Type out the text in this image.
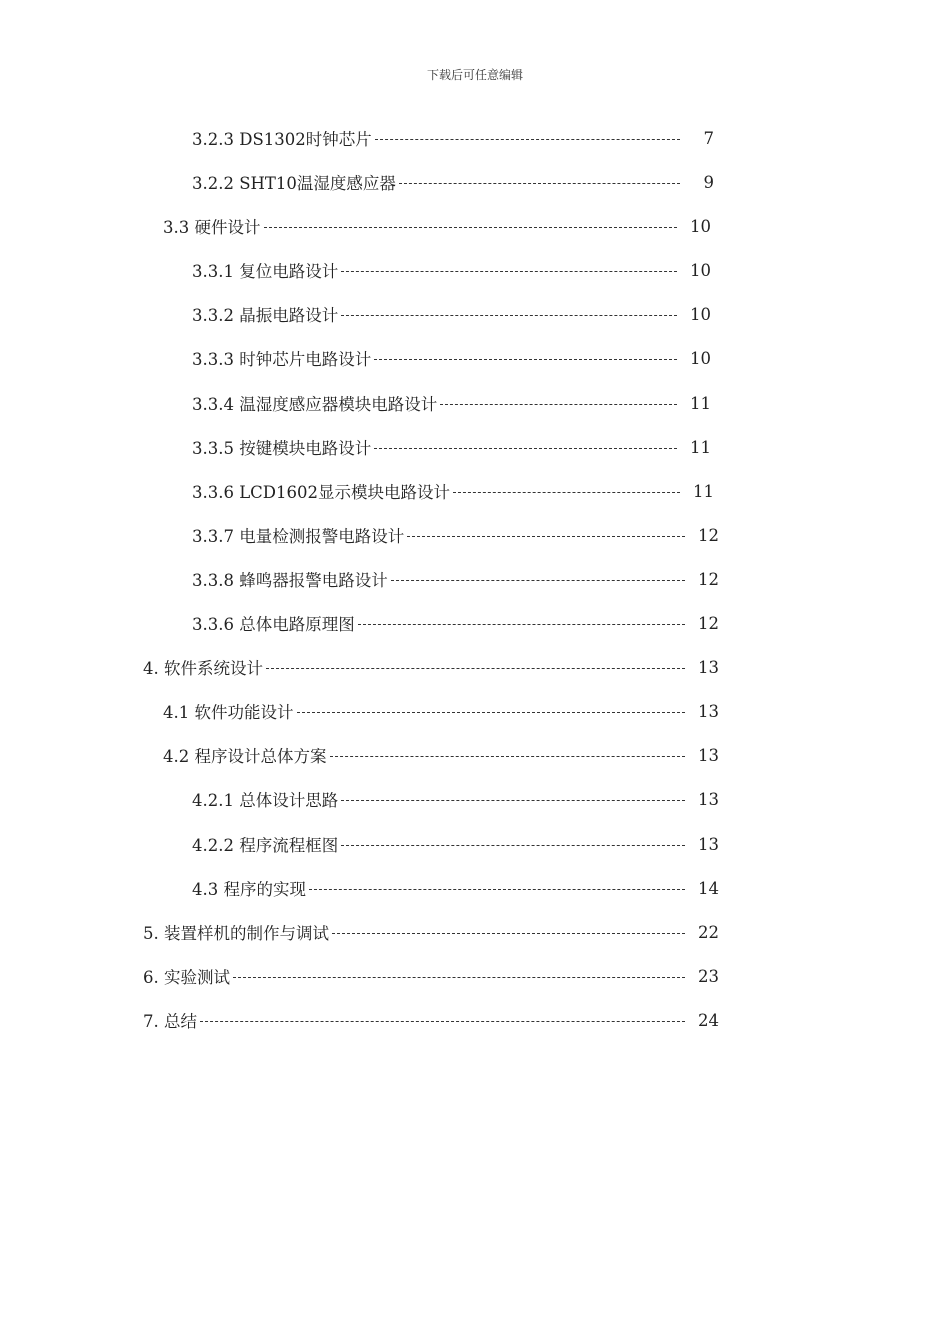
下载后可任意编辑
3.2.3 DS1302时钟芯片	7
3.2.2 SHT10温湿度感应器	9
3.3 硬件设计	10
3.3.1 复位电路设计	10
3.3.2 晶振电路设计	10
3.3.3 时钟芯片电路设计	10
3.3.4 温湿度感应器模块电路设计	11
3.3.5 按键模块电路设计	11
3.3.6 LCD1602显示模块电路设计	11
3.3.7 电量检测报警电路设计	12
3.3.8 蜂鸣器报警电路设计	12
3.3.6 总体电路原理图	12
4. 软件系统设计	13
4.1 软件功能设计	13
4.2 程序设计总体方案	13
4.2.1 总体设计思路	13
4.2.2 程序流程框图	13
4.3 程序的实现	14
5. 装置样机的制作与调试	22
6. 实验测试	23
7. 总结	24
